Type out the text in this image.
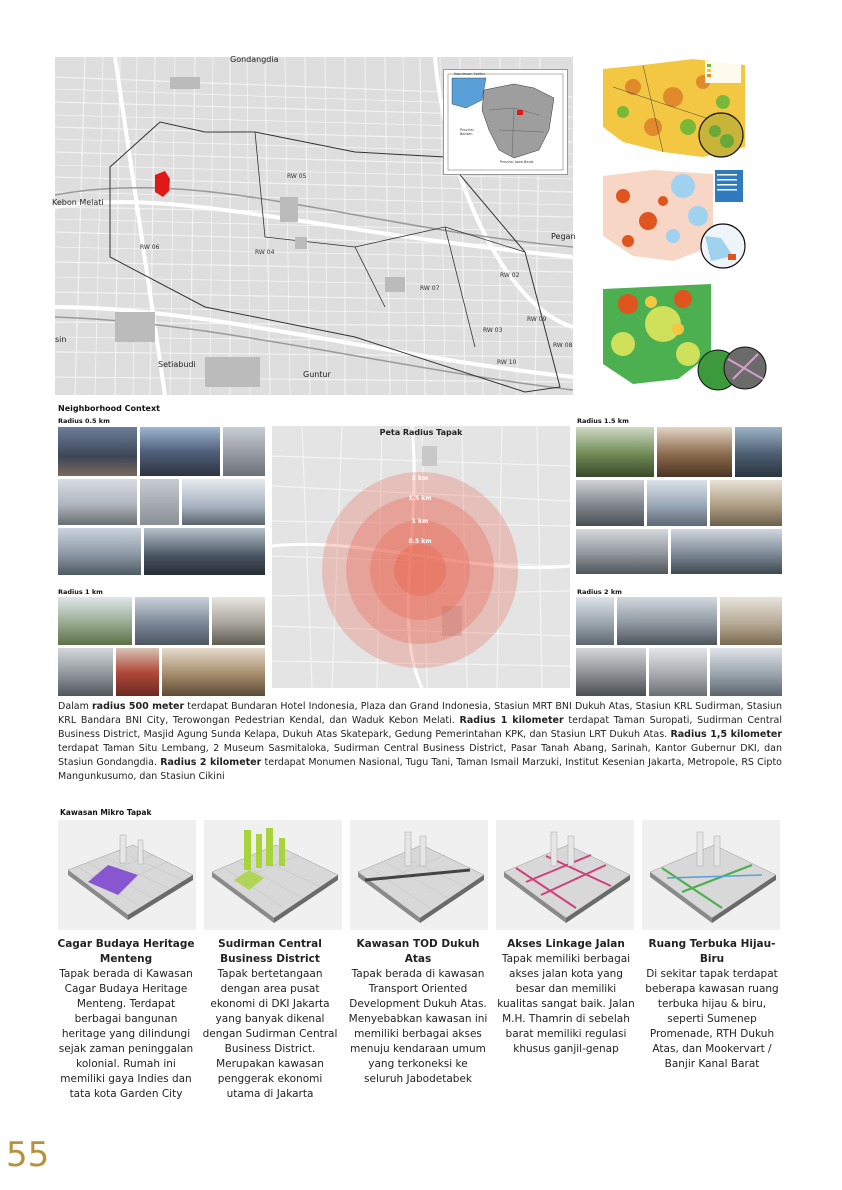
Gondangdia
Kebon Melati
Pegan
Setiabudi
Guntur
sin
RW 05
RW 04
RW 06
RW 07
RW 02
RW 03
RW 09
RW 08
RW 10
Kepulauan Seribu
Provinsi Banten
Provinsi Jawa Barat
Neighborhood Context
Radius 0.5 km	Radius 1.5 km
Radius 1 km	Radius 2 km
Peta Radius Tapak
2 km
1.5 km
1 km
0.5 km
Dalam radius 500 meter terdapat Bundaran Hotel Indonesia, Plaza dan Grand Indonesia, Stasiun MRT BNI Dukuh Atas, Stasiun KRL Sudirman, Stasiun KRL Bandara BNI City, Terowongan Pedestrian Kendal, dan Waduk Kebon Melati. Radius 1 kilometer terdapat Taman Suropati, Sudirman Central Business District, Masjid Agung Sunda Kelapa, Dukuh Atas Skatepark, Gedung Pemerintahan KPK, dan Stasiun LRT Dukuh Atas. Radius 1,5 kilometer terdapat Taman Situ Lembang, 2 Museum Sasmitaloka, Sudirman Central Business District, Pasar Tanah Abang, Sarinah, Kantor Gubernur DKI, dan Stasiun Gondangdia. Radius 2 kilometer terdapat Monumen Nasional, Tugu Tani, Taman Ismail Marzuki, Institut Kesenian Jakarta, Metropole, RS Cipto Mangunkusumo, dan Stasiun Cikini
Kawasan Mikro Tapak
Cagar Budaya Heritage Menteng
Tapak berada di Kawasan Cagar Budaya Heritage Menteng. Terdapat berbagai bangunan heritage yang dilindungi sejak zaman peninggalan kolonial. Rumah ini memiliki gaya Indies dan tata kota Garden City
Sudirman Central Business District
Tapak bertetangaan dengan area pusat ekonomi di DKI Jakarta yang banyak dikenal dengan Sudirman Central Business District. Merupakan kawasan penggerak ekonomi utama di Jakarta
Kawasan TOD Dukuh Atas
Tapak berada di kawasan Transport Oriented Development Dukuh Atas. Menyebabkan kawasan ini memiliki berbagai akses menuju kendaraan umum yang terkoneksi ke seluruh Jabodetabek
Akses Linkage Jalan
Tapak memiliki berbagai akses jalan kota yang besar dan memiliki kualitas sangat baik. Jalan M.H. Thamrin di sebelah barat memiliki regulasi khusus ganjil-genap
Ruang Terbuka Hijau-Biru
Di sekitar tapak terdapat beberapa kawasan ruang terbuka hijau & biru, seperti Sumenep Promenade, RTH Dukuh Atas, dan Mookervart / Banjir Kanal Barat
55
